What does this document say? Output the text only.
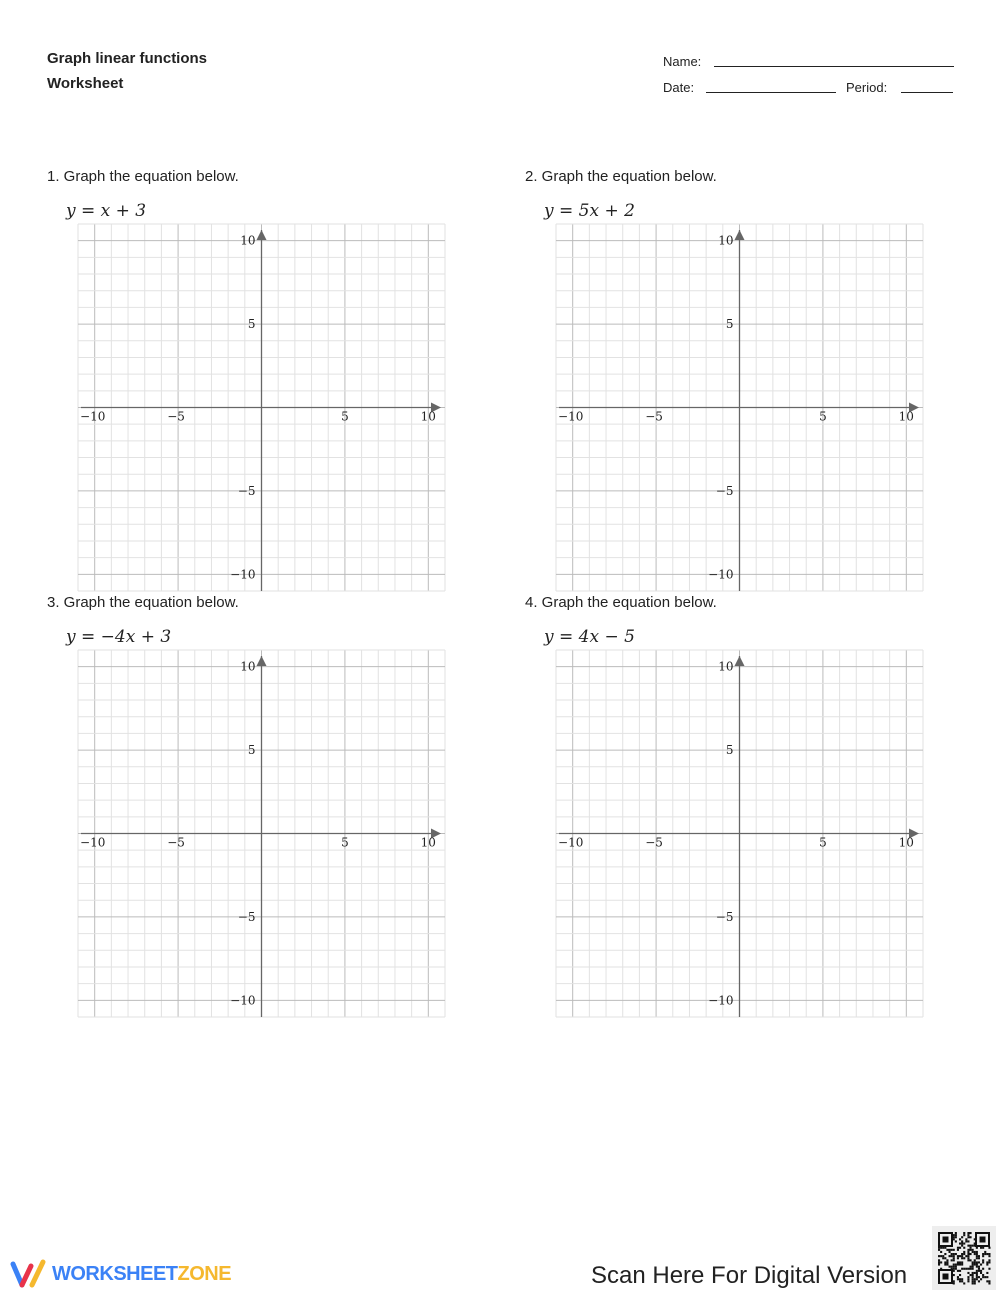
Graph linear functions
Worksheet
Name:
Date:	Period:
1. Graph the equation below.
y = x + 3
−10	−5	5	10
10
5
−5
−10
2. Graph the equation below.
y = 5x + 2
−10	−5	5	10
10
5
−5
−10
3. Graph the equation below.
y = −4x + 3
−10	−5	5	10
10
5
−5
−10
4. Graph the equation below.
y = 4x − 5
−10	−5	5	10
10
5
−5
−10
WORKSHEETZONE	Scan Here For Digital Version
